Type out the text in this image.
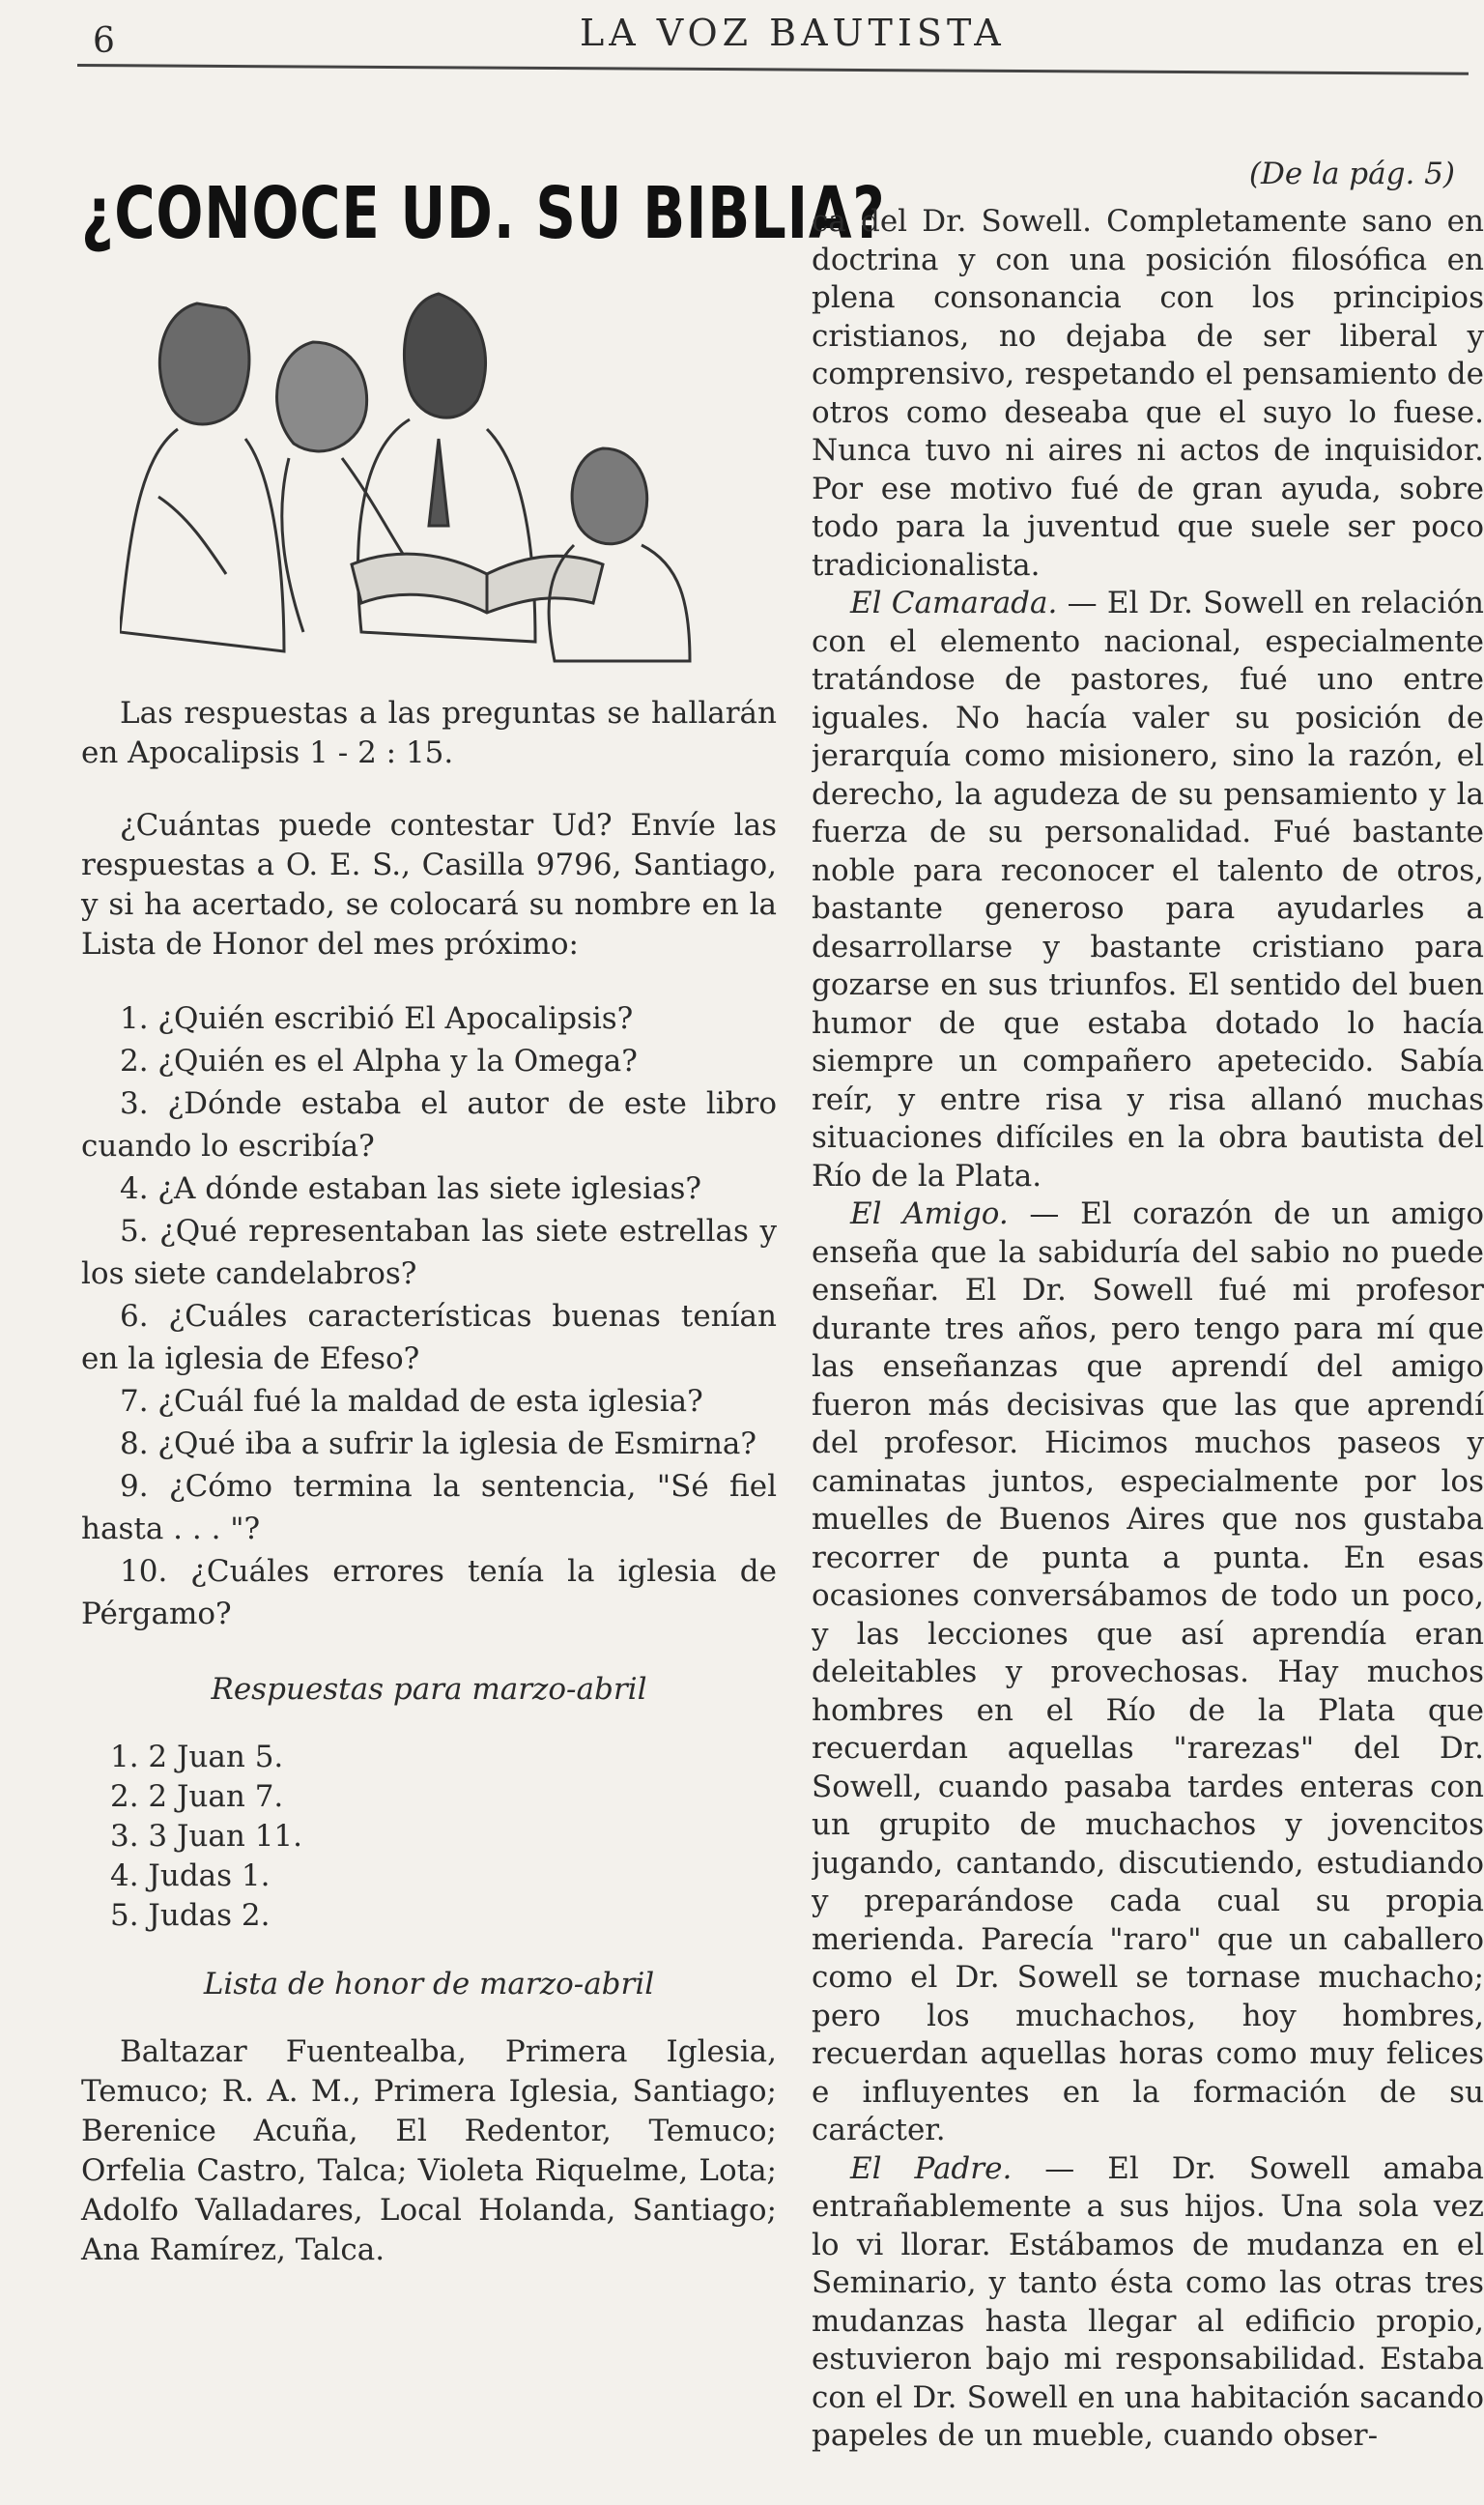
6	LA VOZ BAUTISTA
¿CONOCE UD. SU BIBLIA?

Las respuestas a las preguntas se hallarán en Apocalipsis 1 - 2 : 15.

¿Cuántas puede contestar Ud? Envíe las respuestas a O. E. S., Casilla 9796, Santiago, y si ha acertado, se colocará su nombre en la Lista de Honor del mes próximo:

1. ¿Quién escribió El Apocalipsis?
2. ¿Quién es el Alpha y la Omega?
3. ¿Dónde estaba el autor de este libro cuando lo escribía?
4. ¿A dónde estaban las siete iglesias?
5. ¿Qué representaban las siete estrellas y los siete candelabros?
6. ¿Cuáles características buenas tenían en la iglesia de Efeso?
7. ¿Cuál fué la maldad de esta iglesia?
8. ¿Qué iba a sufrir la iglesia de Esmirna?
9. ¿Cómo termina la sentencia, "Sé fiel hasta . . . "?
10. ¿Cuáles errores tenía la iglesia de Pérgamo?

Respuestas para marzo-abril

1. 2 Juan 5.
2. 2 Juan 7.
3. 3 Juan 11.
4. Judas 1.
5. Judas 2.

Lista de honor de marzo-abril

Baltazar Fuentealba, Primera Iglesia, Temuco; R. A. M., Primera Iglesia, Santiago; Berenice Acuña, El Redentor, Temuco; Orfelia Castro, Talca; Violeta Riquelme, Lota; Adolfo Valladares, Local Holanda, Santiago; Ana Ramírez, Talca.

(De la pág. 5)

ca del Dr. Sowell. Completamente sano en doctrina y con una posición filosófica en plena consonancia con los principios cristianos, no dejaba de ser liberal y comprensivo, respetando el pensamiento de otros como deseaba que el suyo lo fuese. Nunca tuvo ni aires ni actos de inquisidor. Por ese motivo fué de gran ayuda, sobre todo para la juventud que suele ser poco tradicionalista.

El Camarada. — El Dr. Sowell en relación con el elemento nacional, especialmente tratándose de pastores, fué uno entre iguales. No hacía valer su posición de jerarquía como misionero, sino la razón, el derecho, la agudeza de su pensamiento y la fuerza de su personalidad. Fué bastante noble para reconocer el talento de otros, bastante generoso para ayudarles a desarrollarse y bastante cristiano para gozarse en sus triunfos. El sentido del buen humor de que estaba dotado lo hacía siempre un compañero apetecido. Sabía reír, y entre risa y risa allanó muchas situaciones difíciles en la obra bautista del Río de la Plata.

El Amigo. — El corazón de un amigo enseña que la sabiduría del sabio no puede enseñar. El Dr. Sowell fué mi profesor durante tres años, pero tengo para mí que las enseñanzas que aprendí del amigo fueron más decisivas que las que aprendí del profesor. Hicimos muchos paseos y caminatas juntos, especialmente por los muelles de Buenos Aires que nos gustaba recorrer de punta a punta. En esas ocasiones conversábamos de todo un poco, y las lecciones que así aprendía eran deleitables y provechosas. Hay muchos hombres en el Río de la Plata que recuerdan aquellas "rarezas" del Dr. Sowell, cuando pasaba tardes enteras con un grupito de muchachos y jovencitos jugando, cantando, discutiendo, estudiando y preparándose cada cual su propia merienda. Parecía "raro" que un caballero como el Dr. Sowell se tornase muchacho; pero los muchachos, hoy hombres, recuerdan aquellas horas como muy felices e influyentes en la formación de su carácter.

El Padre. — El Dr. Sowell amaba entrañablemente a sus hijos. Una sola vez lo vi llorar. Estábamos de mudanza en el Seminario, y tanto ésta como las otras tres mudanzas hasta llegar al edificio propio, estuvieron bajo mi responsabilidad. Estaba con el Dr. Sowell en una habitación sacando papeles de un mueble, cuando obser-
